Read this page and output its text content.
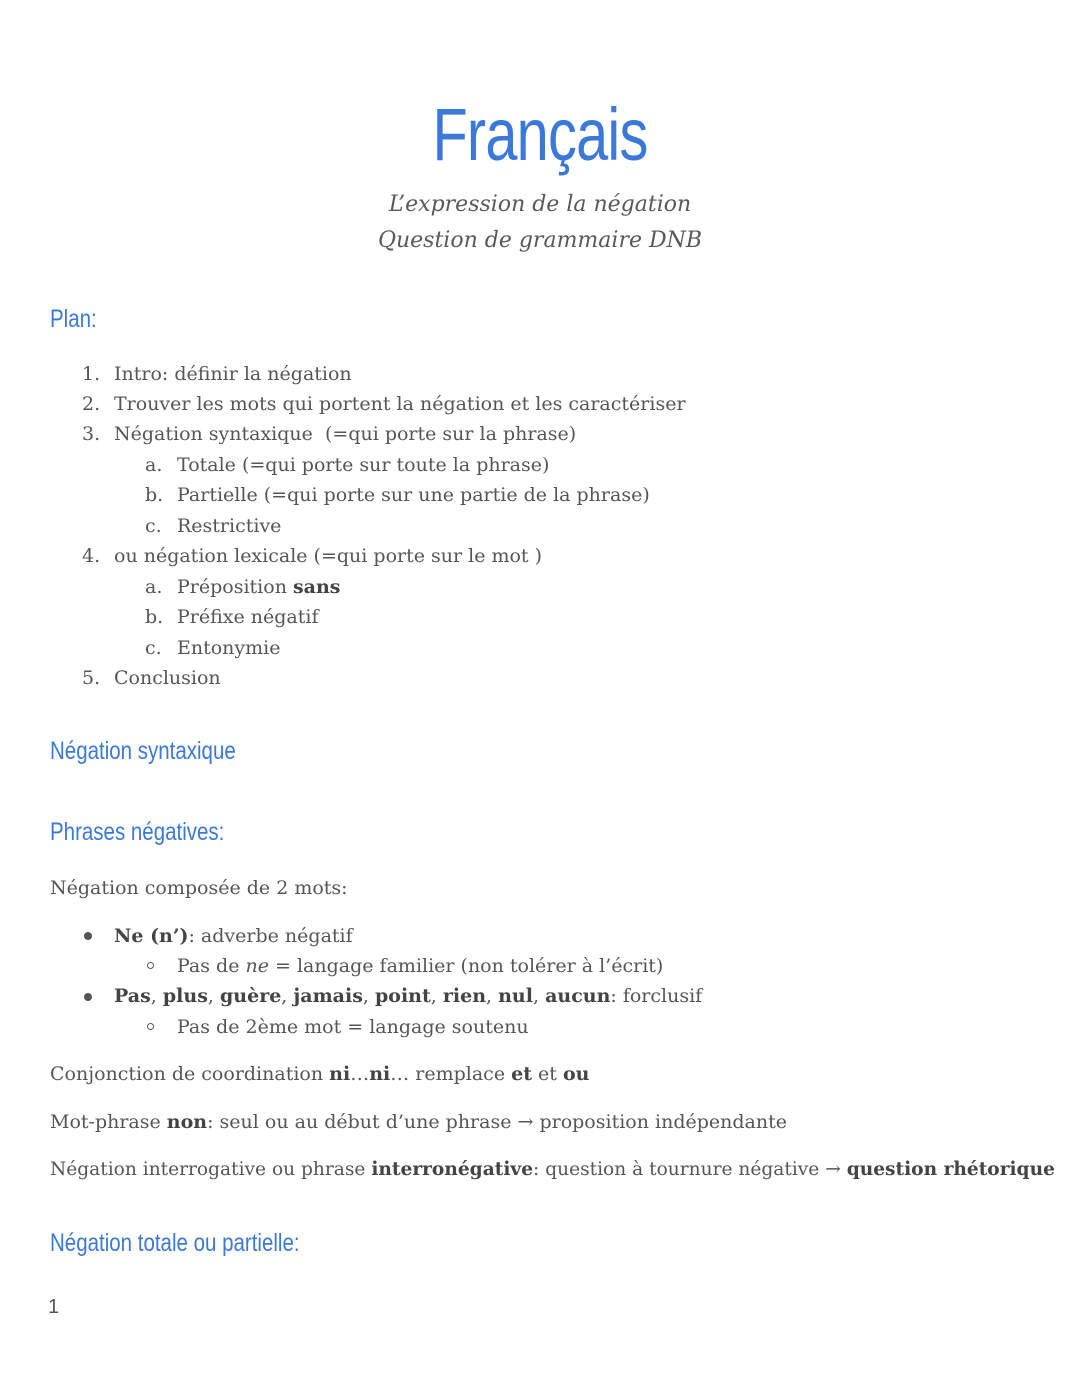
Français
L’expression de la négation
Question de grammaire DNB
Plan:
1. Intro: définir la négation
2. Trouver les mots qui portent la négation et les caractériser
3. Négation syntaxique  (=qui porte sur la phrase)
a. Totale (=qui porte sur toute la phrase)
b. Partielle (=qui porte sur une partie de la phrase)
c. Restrictive
4. ou négation lexicale (=qui porte sur le mot )
a. Préposition sans
b. Préfixe négatif
c. Entonymie
5. Conclusion
Négation syntaxique
Phrases négatives:
Négation composée de 2 mots:
Ne (n’): adverbe négatif
Pas de ne = langage familier (non tolérer à l’écrit)
Pas, plus, guère, jamais, point, rien, nul, aucun: forclusif
Pas de 2ème mot = langage soutenu
Conjonction de coordination ni…ni… remplace et et ou
Mot-phrase non: seul ou au début d’une phrase → proposition indépendante
Négation interrogative ou phrase interronégative: question à tournure négative → question rhétorique
Négation totale ou partielle:
1
